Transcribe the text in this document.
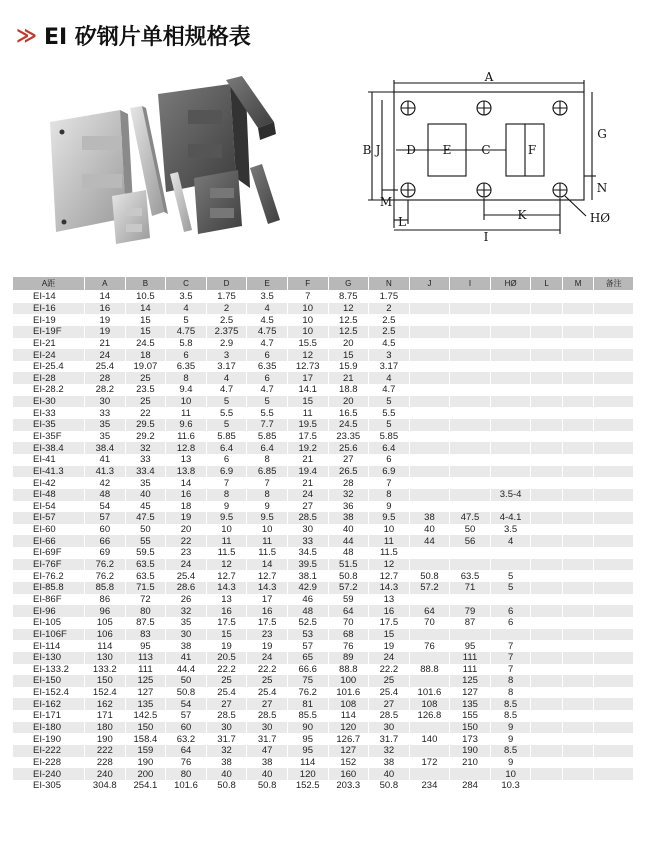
≫ EI 矽钢片单相规格表
A
B J
G
D E	C	F
M
N
L	K
I
HØ
A距	A	B	C	D	E	F	G	N	J	I	HØ	L	M	备注
EI-14	14	10.5	3.5	1.75	3.5	7	8.75	1.75						
EI-16	16	14	4	2	4	10	12	2						
EI-19	19	15	5	2.5	4.5	10	12.5	2.5						
EI-19F	19	15	4.75	2.375	4.75	10	12.5	2.5						
EI-21	21	24.5	5.8	2.9	4.7	15.5	20	4.5						
EI-24	24	18	6	3	6	12	15	3						
EI-25.4	25.4	19.07	6.35	3.17	6.35	12.73	15.9	3.17						
EI-28	28	25	8	4	6	17	21	4						
EI-28.2	28.2	23.5	9.4	4.7	4.7	14.1	18.8	4.7						
EI-30	30	25	10	5	5	15	20	5						
EI-33	33	22	11	5.5	5.5	11	16.5	5.5						
EI-35	35	29.5	9.6	5	7.7	19.5	24.5	5						
EI-35F	35	29.2	11.6	5.85	5.85	17.5	23.35	5.85						
EI-38.4	38.4	32	12.8	6.4	6.4	19.2	25.6	6.4						
EI-41	41	33	13	6	8	21	27	6						
EI-41.3	41.3	33.4	13.8	6.9	6.85	19.4	26.5	6.9						
EI-42	42	35	14	7	7	21	28	7						
EI-48	48	40	16	8	8	24	32	8			3.5-4			
EI-54	54	45	18	9	9	27	36	9						
EI-57	57	47.5	19	9.5	9.5	28.5	38	9.5	38	47.5	4-4.1			
EI-60	60	50	20	10	10	30	40	10	40	50	3.5			
EI-66	66	55	22	11	11	33	44	11	44	56	4			
EI-69F	69	59.5	23	11.5	11.5	34.5	48	11.5						
EI-76F	76.2	63.5	24	12	14	39.5	51.5	12						
EI-76.2	76.2	63.5	25.4	12.7	12.7	38.1	50.8	12.7	50.8	63.5	5			
EI-85.8	85.8	71.5	28.6	14.3	14.3	42.9	57.2	14.3	57.2	71	5			
EI-86F	86	72	26	13	17	46	59	13						
EI-96	96	80	32	16	16	48	64	16	64	79	6			
EI-105	105	87.5	35	17.5	17.5	52.5	70	17.5	70	87	6			
EI-106F	106	83	30	15	23	53	68	15						
EI-114	114	95	38	19	19	57	76	19	76	95	7			
EI-130	130	113	41	20.5	24	65	89	24		111	7			
EI-133.2	133.2	111	44.4	22.2	22.2	66.6	88.8	22.2	88.8	111	7			
EI-150	150	125	50	25	25	75	100	25		125	8			
EI-152.4	152.4	127	50.8	25.4	25.4	76.2	101.6	25.4	101.6	127	8			
EI-162	162	135	54	27	27	81	108	27	108	135	8.5			
EI-171	171	142.5	57	28.5	28.5	85.5	114	28.5	126.8	155	8.5			
EI-180	180	150	60	30	30	90	120	30		150	9			
EI-190	190	158.4	63.2	31.7	31.7	95	126.7	31.7	140	173	9			
EI-222	222	159	64	32	47	95	127	32		190	8.5			
EI-228	228	190	76	38	38	114	152	38	172	210	9			
EI-240	240	200	80	40	40	120	160	40			10			
EI-305	304.8	254.1	101.6	50.8	50.8	152.5	203.3	50.8	234	284	10.3			
